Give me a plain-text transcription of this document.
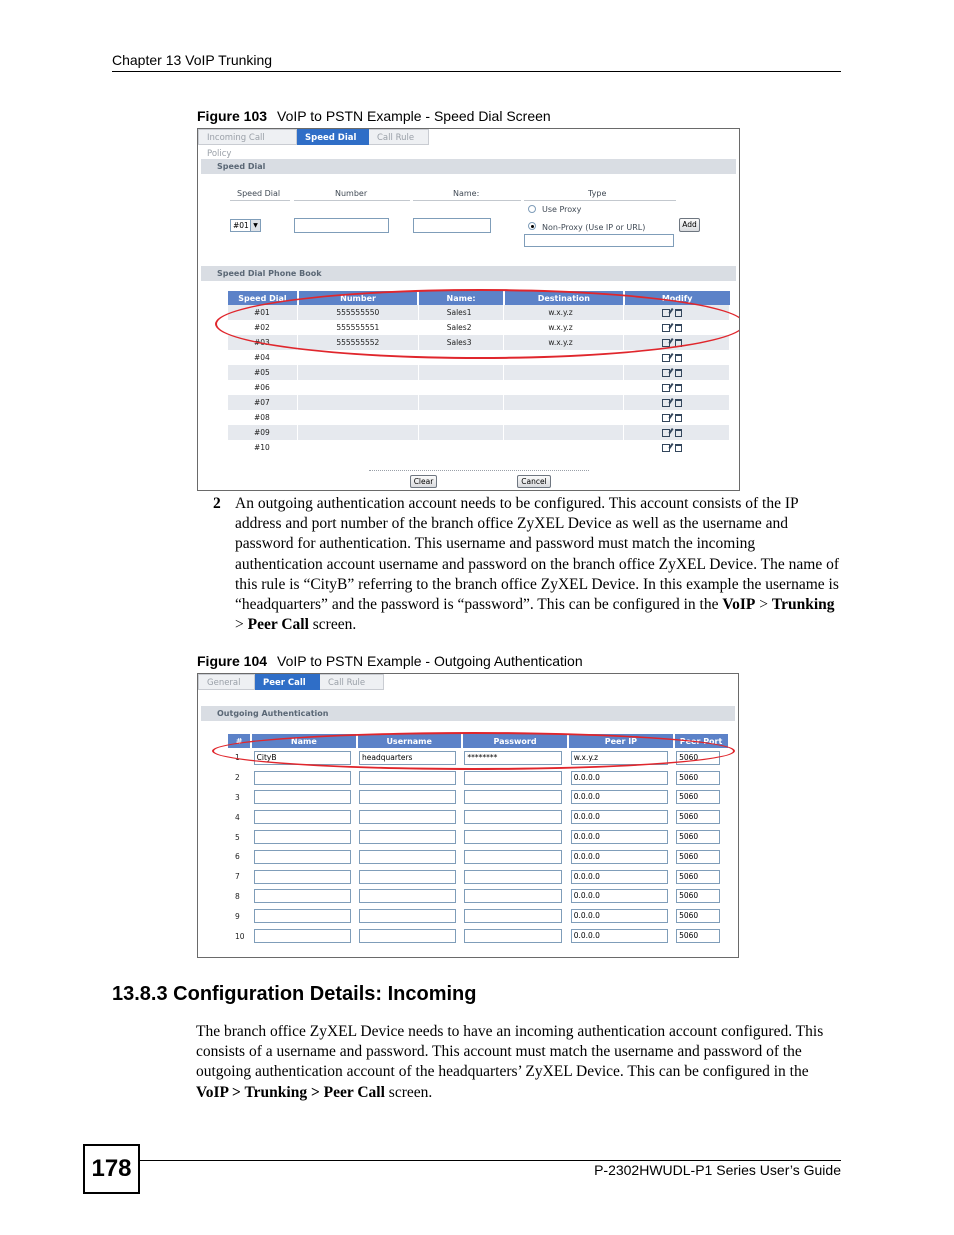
Chapter 13 VoIP Trunking
Figure 103 VoIP to PSTN Example - Speed Dial Screen
Incoming Call Policy
Speed Dial	Call Rule
Speed Dial
Speed Dial	Number	Name:	Type
#01 ▼
Use Proxy
Non-Proxy (Use IP or URL)	Add
Speed Dial Phone Book
Speed Dial	Number	Name:	Destination	Modify
#01	555555550	Sales1	w.x.y.z	
#02	555555551	Sales2	w.x.y.z	
#03	555555552	Sales3	w.x.y.z	
#04				
#05				
#06				
#07				
#08				
#09				
#10				
Clear	Cancel
2 An outgoing authentication account needs to be configured. This account consists of the IP address and port number of the branch office ZyXEL Device as well as the username and password for authentication. This username and password must match the incoming authentication account username and password on the branch office ZyXEL Device. The name of this rule is “CityB” referring to the branch office ZyXEL Device. In this example the username is “headquarters” and the password is “password”. This can be configured in the VoIP > Trunking > Peer Call screen.
Figure 104 VoIP to PSTN Example - Outgoing Authentication
General	Peer Call	Call Rule
Outgoing Authentication
#	Name	Username	Password	Peer IP	Peer Port
1	CityB	headquarters	********	w.x.y.z	5060

2				0.0.0.0	5060

3				0.0.0.0	5060

4				0.0.0.0	5060

5				0.0.0.0	5060

6				0.0.0.0	5060

7				0.0.0.0	5060

8				0.0.0.0	5060

9				0.0.0.0	5060

10				0.0.0.0	5060
13.8.3 Configuration Details: Incoming
The branch office ZyXEL Device needs to have an incoming authentication account configured. This consists of a username and password. This account must match the username and password of the outgoing authentication account of the headquarters’ ZyXEL Device. This can be configured in the VoIP > Trunking > Peer Call screen.
178	P-2302HWUDL-P1 Series User’s Guide
